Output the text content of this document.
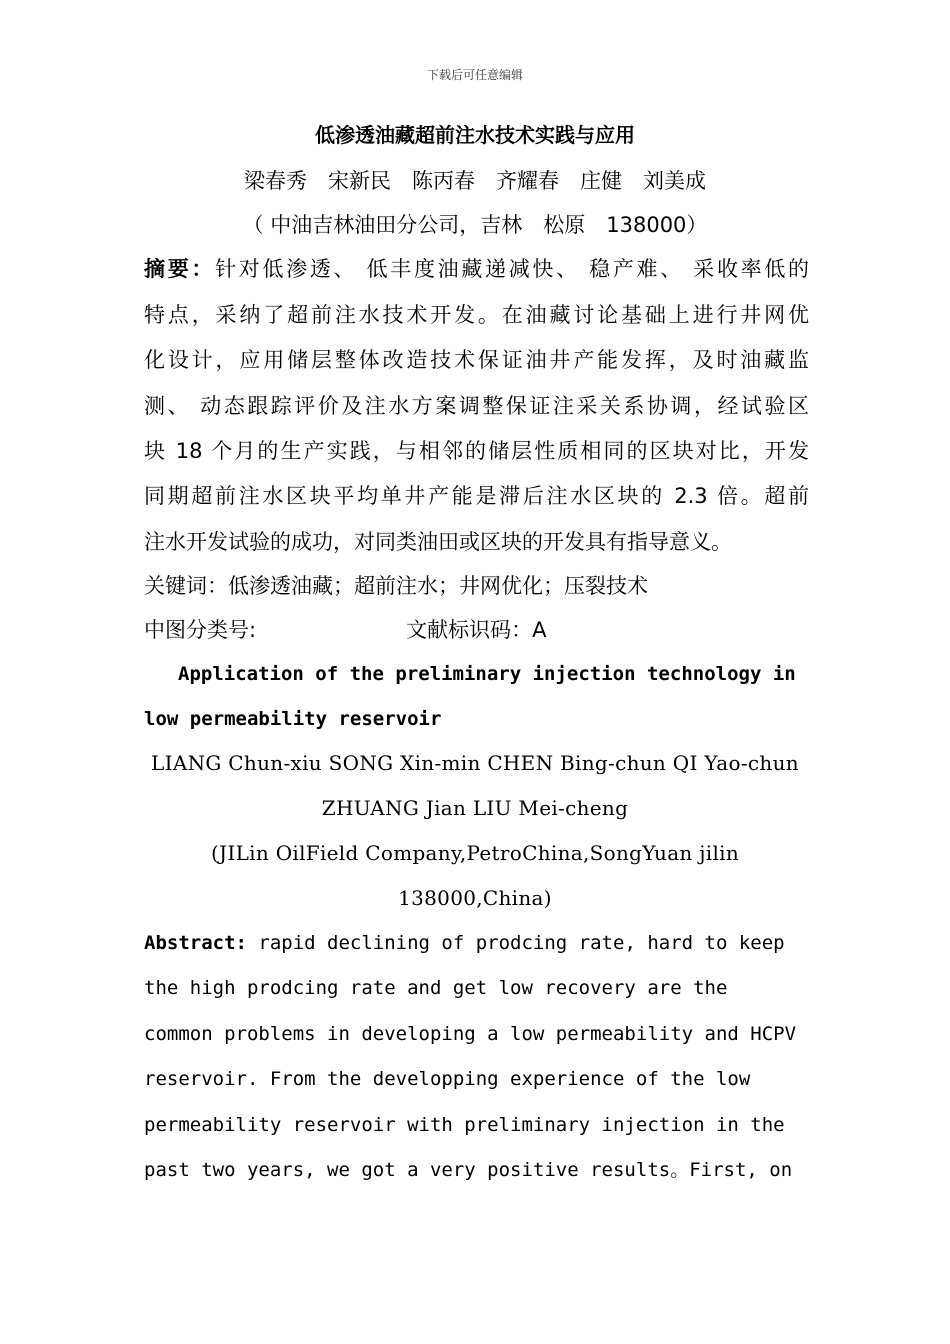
下载后可任意编辑
低渗透油藏超前注水技术实践与应用
梁春秀　宋新民　陈丙春　齐耀春　庄健　刘美成
（ 中油吉林油田分公司，吉林　松原　138000）
摘要：针对低渗透、 低丰度油藏递减快、 稳产难、 采收率低的
特点，采纳了超前注水技术开发。在油藏讨论基础上进行井网优
化设计，应用储层整体改造技术保证油井产能发挥，及时油藏监
测、 动态跟踪评价及注水方案调整保证注采关系协调，经试验区
块 18 个月的生产实践，与相邻的储层性质相同的区块对比，开发
同期超前注水区块平均单井产能是滞后注水区块的 2.3 倍。超前
注水开发试验的成功，对同类油田或区块的开发具有指导意义。
关键词：低渗透油藏；超前注水；井网优化；压裂技术
中图分类号:	文献标识码：A
Application of the preliminary injection technology in
low permeability reservoir
LIANG Chun-xiu SONG Xin-min CHEN Bing-chun QI Yao-chun
ZHUANG Jian LIU Mei-cheng
(JILin OilField Company,PetroChina,SongYuan jilin
138000,China)
Abstract: rapid declining of prodcing rate, hard to keep
the high prodcing rate and get low recovery are the
common problems in developing a low permeability and HCPV
reservoir. From the developping experience of the low
permeability reservoir with preliminary injection in the
past two years, we got a very positive results。First, on
